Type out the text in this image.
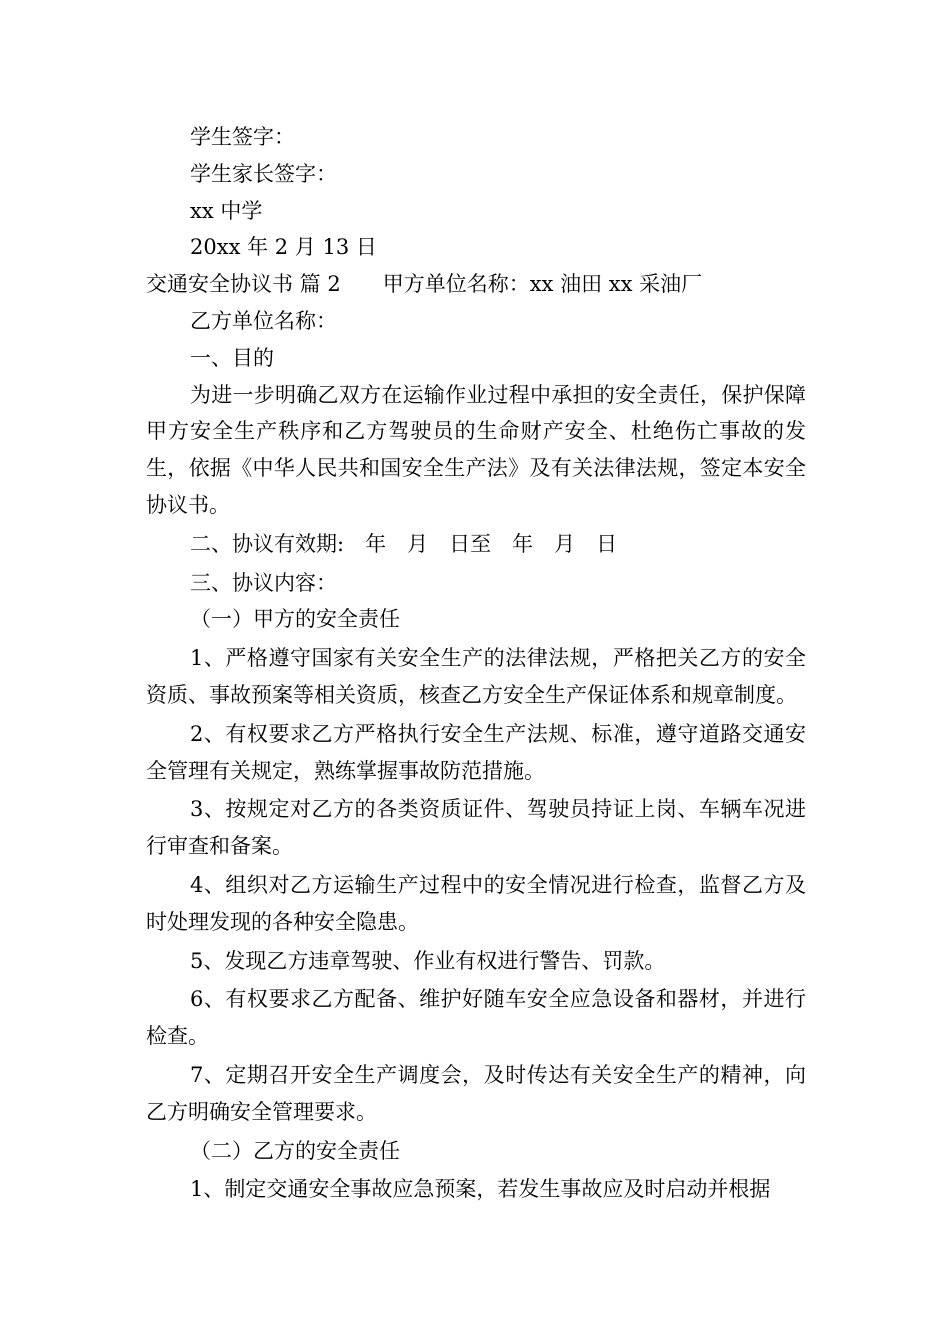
学生签字：

学生家长签字：

xx 中学

20xx 年 2 月 13 日

交通安全协议书 篇 2　　甲方单位名称：xx 油田 xx 采油厂

乙方单位名称：

一、目的

为进一步明确乙双方在运输作业过程中承担的安全责任，保护保障甲方安全生产秩序和乙方驾驶员的生命财产安全、杜绝伤亡事故的发生，依据《中华人民共和国安全生产法》及有关法律法规，签定本安全协议书。

二、协议有效期:　年　月　日至　年　月　日

三、协议内容：

（一）甲方的安全责任

1、严格遵守国家有关安全生产的法律法规，严格把关乙方的安全资质、事故预案等相关资质，核查乙方安全生产保证体系和规章制度。

2、有权要求乙方严格执行安全生产法规、标准，遵守道路交通安全管理有关规定，熟练掌握事故防范措施。

3、按规定对乙方的各类资质证件、驾驶员持证上岗、车辆车况进行审查和备案。

4、组织对乙方运输生产过程中的安全情况进行检查，监督乙方及时处理发现的各种安全隐患。

5、发现乙方违章驾驶、作业有权进行警告、罚款。

6、有权要求乙方配备、维护好随车安全应急设备和器材，并进行检查。

7、定期召开安全生产调度会，及时传达有关安全生产的精神，向乙方明确安全管理要求。

（二）乙方的安全责任

1、制定交通安全事故应急预案，若发生事故应及时启动并根据
